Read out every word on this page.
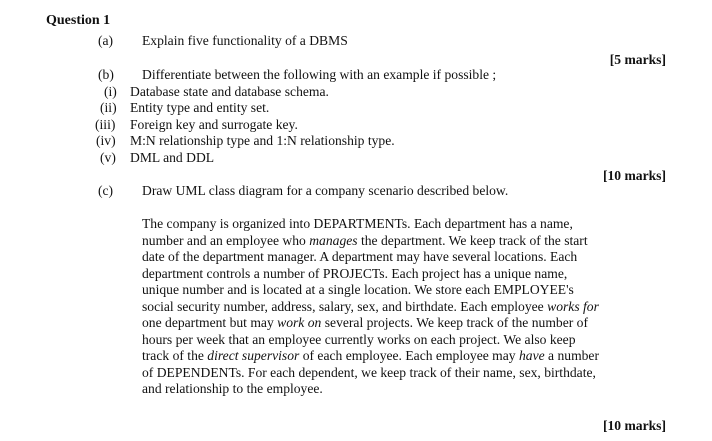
Question 1
(a) Explain five functionality of a DBMS
[5 marks]
(b) Differentiate between the following with an example if possible ;
(i) Database state and database schema.
(ii) Entity type and entity set.
(iii) Foreign key and surrogate key.
(iv) M:N relationship type and 1:N relationship type.
(v) DML and DDL
[10 marks]
(c) Draw UML class diagram for a company scenario described below.
The company is organized into DEPARTMENTs. Each department has a name,
number and an employee who manages the department. We keep track of the start
date of the department manager. A department may have several locations. Each
department controls a number of PROJECTs. Each project has a unique name,
unique number and is located at a single location. We store each EMPLOYEE's
social security number, address, salary, sex, and birthdate. Each employee works for
one department but may work on several projects. We keep track of the number of
hours per week that an employee currently works on each project. We also keep
track of the direct supervisor of each employee. Each employee may have a number
of DEPENDENTs. For each dependent, we keep track of their name, sex, birthdate,
and relationship to the employee.
[10 marks]
